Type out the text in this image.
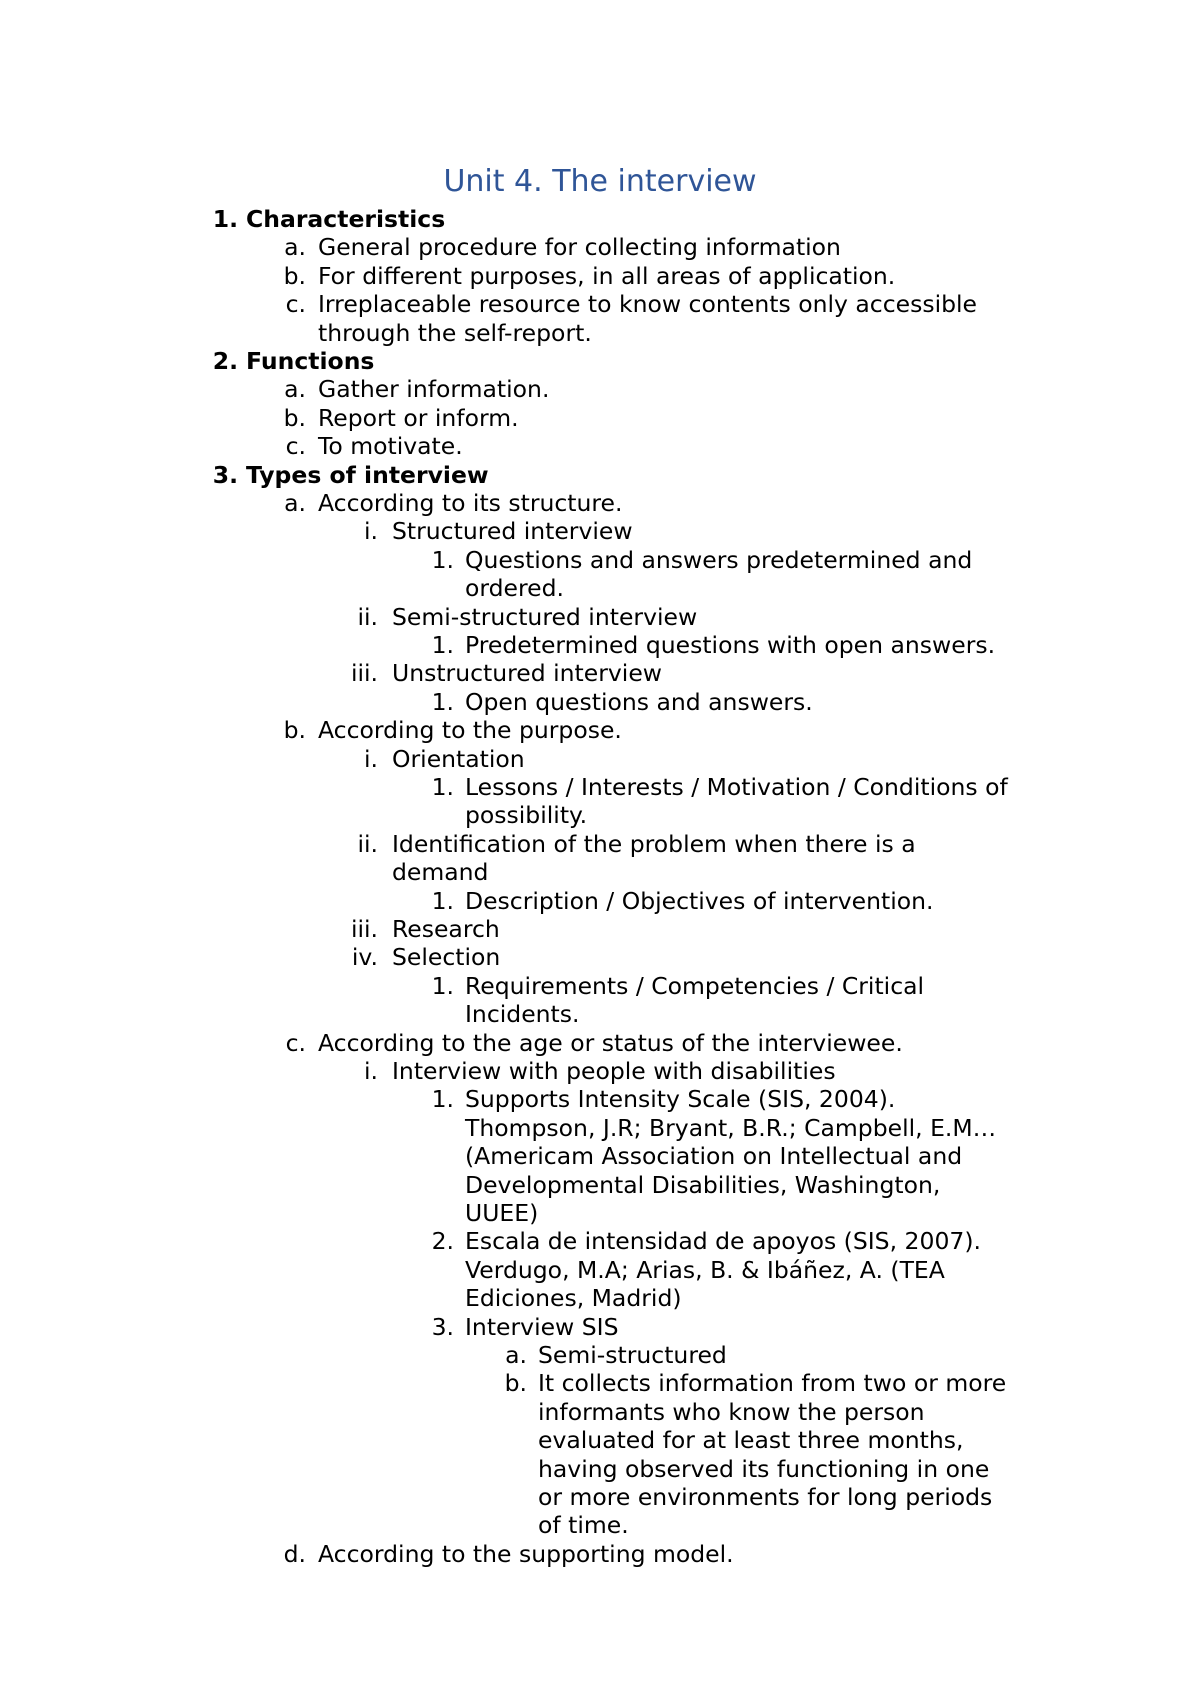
Unit 4. The interview
1. Characteristics
a. General procedure for collecting information
b. For different purposes, in all areas of application.
c. Irreplaceable resource to know contents only accessible
through the self-report.
2. Functions
a. Gather information.
b. Report or inform.
c. To motivate.
3. Types of interview
a. According to its structure.
i. Structured interview
1. Questions and answers predetermined and
ordered.
ii. Semi-structured interview
1. Predetermined questions with open answers.
iii. Unstructured interview
1. Open questions and answers.
b. According to the purpose.
i. Orientation
1. Lessons / Interests / Motivation / Conditions of
possibility.
ii. Identification of the problem when there is a
demand
1. Description / Objectives of intervention.
iii. Research
iv. Selection
1. Requirements / Competencies / Critical
Incidents.
c. According to the age or status of the interviewee.
i. Interview with people with disabilities
1. Supports Intensity Scale (SIS, 2004).
Thompson, J.R; Bryant, B.R.; Campbell, E.M…
(Americam Association on Intellectual and
Developmental Disabilities, Washington,
UUEE)
2. Escala de intensidad de apoyos (SIS, 2007).
Verdugo, M.A; Arias, B. & Ibáñez, A. (TEA
Ediciones, Madrid)
3. Interview SIS
a. Semi-structured
b. It collects information from two or more
informants who know the person
evaluated for at least three months,
having observed its functioning in one
or more environments for long periods
of time.
d. According to the supporting model.
